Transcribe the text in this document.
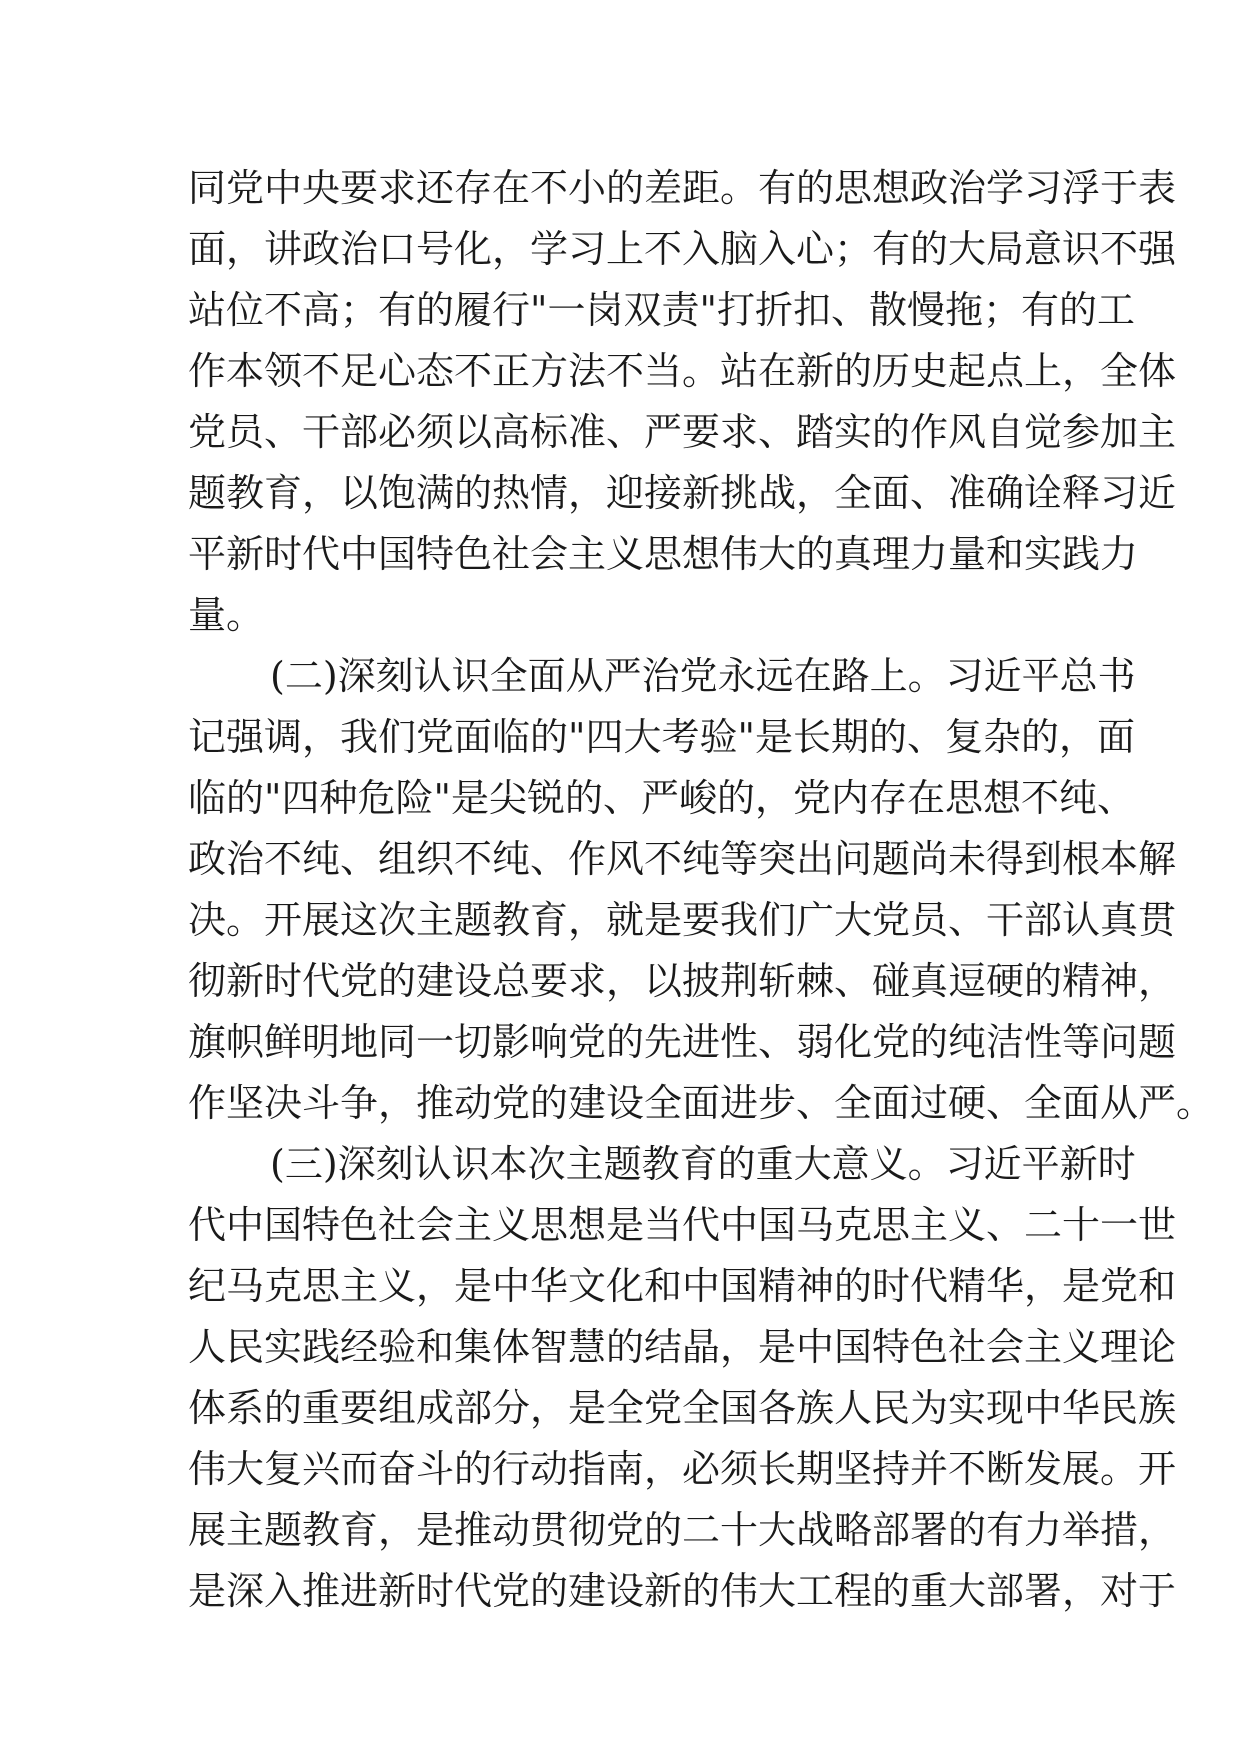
同党中央要求还存在不小的差距。有的思想政治学习浮于表
面，讲政治口号化，学习上不入脑入心；有的大局意识不强
站位不高；有的履行"一岗双责"打折扣、散慢拖；有的工
作本领不足心态不正方法不当。站在新的历史起点上，全体
党员、干部必须以高标准、严要求、踏实的作风自觉参加主
题教育，以饱满的热情，迎接新挑战，全面、准确诠释习近
平新时代中国特色社会主义思想伟大的真理力量和实践力
量。
(二)深刻认识全面从严治党永远在路上。习近平总书
记强调，我们党面临的"四大考验"是长期的、复杂的，面
临的"四种危险"是尖锐的、严峻的，党内存在思想不纯、
政治不纯、组织不纯、作风不纯等突出问题尚未得到根本解
决。开展这次主题教育，就是要我们广大党员、干部认真贯
彻新时代党的建设总要求，以披荆斩棘、碰真逗硬的精神，
旗帜鲜明地同一切影响党的先进性、弱化党的纯洁性等问题
作坚决斗争，推动党的建设全面进步、全面过硬、全面从严。
(三)深刻认识本次主题教育的重大意义。习近平新时
代中国特色社会主义思想是当代中国马克思主义、二十一世
纪马克思主义，是中华文化和中国精神的时代精华，是党和
人民实践经验和集体智慧的结晶，是中国特色社会主义理论
体系的重要组成部分，是全党全国各族人民为实现中华民族
伟大复兴而奋斗的行动指南，必须长期坚持并不断发展。开
展主题教育，是推动贯彻党的二十大战略部署的有力举措，
是深入推进新时代党的建设新的伟大工程的重大部署，对于
